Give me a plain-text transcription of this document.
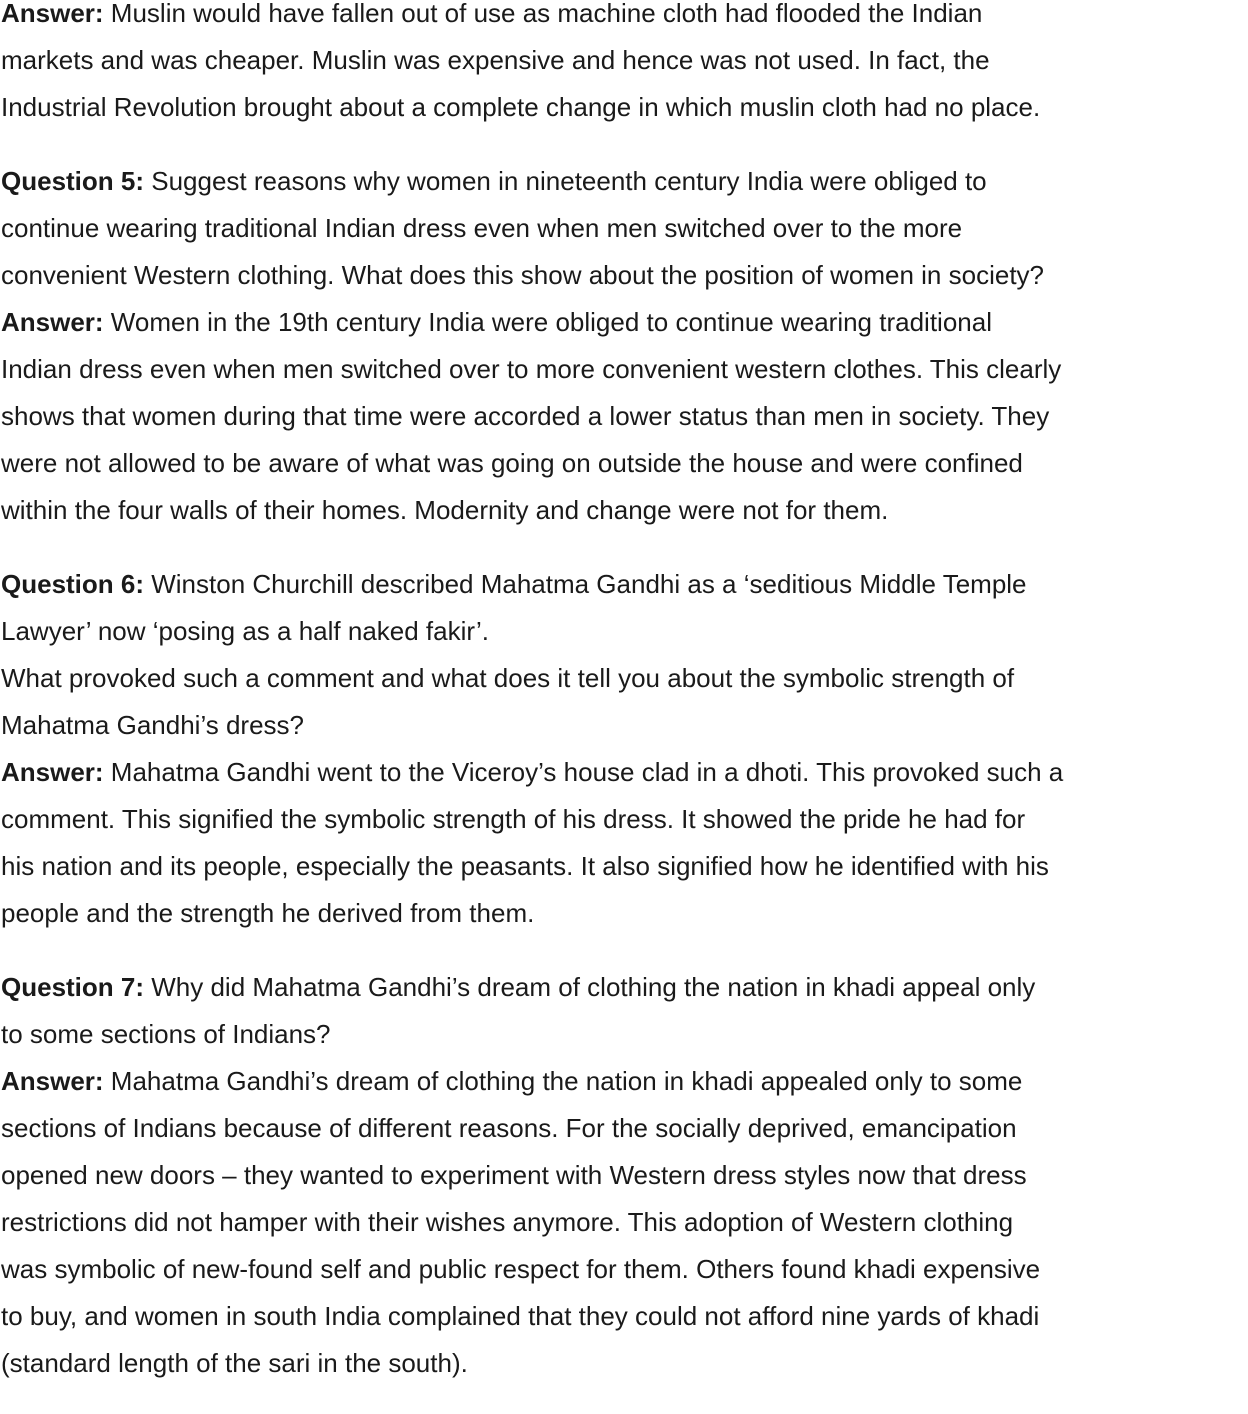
Answer: Muslin would have fallen out of use as machine cloth had flooded the Indian
markets and was cheaper. Muslin was expensive and hence was not used. In fact, the
Industrial Revolution brought about a complete change in which muslin cloth had no place.
Question 5: Suggest reasons why women in nineteenth century India were obliged to
continue wearing traditional Indian dress even when men switched over to the more
convenient Western clothing. What does this show about the position of women in society?
Answer: Women in the 19th century India were obliged to continue wearing traditional
Indian dress even when men switched over to more convenient western clothes. This clearly
shows that women during that time were accorded a lower status than men in society. They
were not allowed to be aware of what was going on outside the house and were confined
within the four walls of their homes. Modernity and change were not for them.
Question 6: Winston Churchill described Mahatma Gandhi as a ‘seditious Middle Temple
Lawyer’ now ‘posing as a half naked fakir’.
What provoked such a comment and what does it tell you about the symbolic strength of
Mahatma Gandhi’s dress?
Answer: Mahatma Gandhi went to the Viceroy’s house clad in a dhoti. This provoked such a
comment. This signified the symbolic strength of his dress. It showed the pride he had for
his nation and its people, especially the peasants. It also signified how he identified with his
people and the strength he derived from them.
Question 7: Why did Mahatma Gandhi’s dream of clothing the nation in khadi appeal only
to some sections of Indians?
Answer: Mahatma Gandhi’s dream of clothing the nation in khadi appealed only to some
sections of Indians because of different reasons. For the socially deprived, emancipation
opened new doors – they wanted to experiment with Western dress styles now that dress
restrictions did not hamper with their wishes anymore. This adoption of Western clothing
was symbolic of new-found self and public respect for them. Others found khadi expensive
to buy, and women in south India complained that they could not afford nine yards of khadi
(standard length of the sari in the south).
